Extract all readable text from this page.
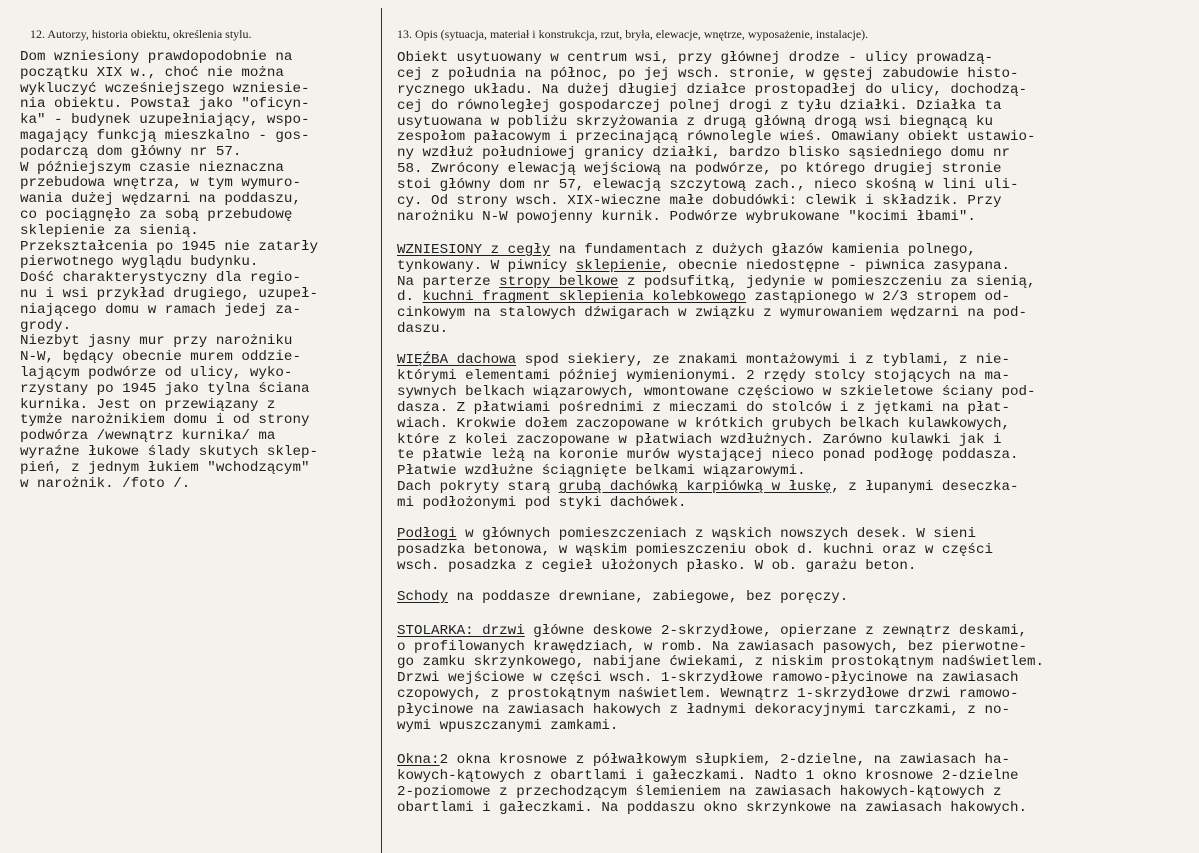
12. Autorzy, historia obiektu, określenia stylu.	13. Opis (sytuacja, materiał i konstrukcja, rzut, bryła, elewacje, wnętrze, wyposażenie, instalacje).
Dom wzniesiony prawdopodobnie na
początku XIX w., choć nie można
wykluczyć wcześniejszego wzniesie-
nia obiektu. Powstał jako "oficyn-
ka" - budynek uzupełniający, wspo-
magający funkcją mieszkalno - gos-
podarczą dom główny nr 57.
W późniejszym czasie nieznaczna
przebudowa wnętrza, w tym wymuro-
wania dużej wędzarni na poddaszu,
co pociągnęło za sobą przebudowę
sklepienie za sienią.
Przekształcenia po 1945 nie zatarły
pierwotnego wyglądu budynku.
Dość charakterystyczny dla regio-
nu i wsi przykład drugiego, uzupeł-
niającego domu w ramach jedej za-
grody.
Niezbyt jasny mur przy narożniku
N-W, będący obecnie murem oddzie-
lającym podwórze od ulicy, wyko-
rzystany po 1945 jako tylna ściana
kurnika. Jest on przewiązany z
tymże narożnikiem domu i od strony
podwórza /wewnątrz kurnika/ ma
wyraźne łukowe ślady skutych sklep-
pień, z jednym łukiem "wchodzącym"
w narożnik. /foto /.
Obiekt usytuowany w centrum wsi, przy głównej drodze - ulicy prowadzą-
cej z południa na północ, po jej wsch. stronie, w gęstej zabudowie histo-
rycznego układu. Na dużej długiej działce prostopadłej do ulicy, dochodzą-
cej do równoległej gospodarczej polnej drogi z tyłu działki. Działka ta
usytuowana w pobliżu skrzyżowania z drugą główną drogą wsi biegnącą ku
zespołom pałacowym i przecinającą równolegle wieś. Omawiany obiekt ustawio-
ny wzdłuż południowej granicy działki, bardzo blisko sąsiedniego domu nr
58. Zwrócony elewacją wejściową na podwórze, po którego drugiej stronie
stoi główny dom nr 57, elewacją szczytową zach., nieco skośną w lini uli-
cy. Od strony wsch. XIX-wieczne małe dobudówki: clewik i składzik. Przy
narożniku N-W powojenny kurnik. Podwórze wybrukowane "kocimi łbami".
WZNIESIONY z cegły na fundamentach z dużych głazów kamienia polnego,
tynkowany. W piwnicy sklepienie, obecnie niedostępne - piwnica zasypana.
Na parterze stropy belkowe z podsufitką, jedynie w pomieszczeniu za sienią,
d. kuchni fragment sklepienia kolebkowego zastąpionego w 2/3 stropem od-
cinkowym na stalowych dźwigarach w związku z wymurowaniem wędzarni na pod-
daszu.
WIĘŹBA dachowa spod siekiery, ze znakami montażowymi i z tyblami, z nie-
którymi elementami później wymienionymi. 2 rzędy stolcy stojących na ma-
sywnych belkach wiązarowych, wmontowane częściowo w szkieletowe ściany pod-
dasza. Z płatwiami pośrednimi z mieczami do stolców i z jętkami na płat-
wiach. Krokwie dołem zaczopowane w krótkich grubych belkach kulawkowych,
które z kolei zaczopowane w płatwiach wzdłużnych. Zarówno kulawki jak i
te płatwie leżą na koronie murów wystającej nieco ponad podłogę poddasza.
Płatwie wzdłużne ściągnięte belkami wiązarowymi.
Dach pokryty starą grubą dachówką karpiówką w łuskę, z łupanymi deseczka-
mi podłożonymi pod styki dachówek.
Podłogi w głównych pomieszczeniach z wąskich nowszych desek. W sieni
posadzka betonowa, w wąskim pomieszczeniu obok d. kuchni oraz w części
wsch. posadzka z cegieł ułożonych płasko. W ob. garażu beton.
Schody na poddasze drewniane, zabiegowe, bez poręczy.
STOLARKA: drzwi główne deskowe 2-skrzydłowe, opierzane z zewnątrz deskami,
o profilowanych krawędziach, w romb. Na zawiasach pasowych, bez pierwotne-
go zamku skrzynkowego, nabijane ćwiekami, z niskim prostokątnym nadświetlem.
Drzwi wejściowe w części wsch. 1-skrzydłowe ramowo-płycinowe na zawiasach
czopowych, z prostokątnym naświetlem. Wewnątrz 1-skrzydłowe drzwi ramowo-
płycinowe na zawiasach hakowych z ładnymi dekoracyjnymi tarczkami, z no-
wymi wpuszczanymi zamkami.
Okna:2 okna krosnowe z półwałkowym słupkiem, 2-dzielne, na zawiasach ha-
kowych-kątowych z obartlami i gałeczkami. Nadto 1 okno krosnowe 2-dzielne
2-poziomowe z przechodzącym ślemieniem na zawiasach hakowych-kątowych z
obartlami i gałeczkami. Na poddaszu okno skrzynkowe na zawiasach hakowych.
